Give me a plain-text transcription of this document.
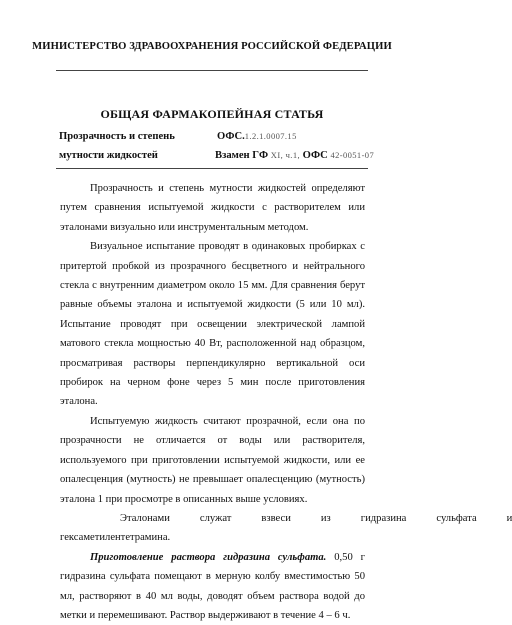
МИНИСТЕРСТВО ЗДРАВООХРАНЕНИЯ РОССИЙСКОЙ ФЕДЕРАЦИИ
ОБЩАЯ ФАРМАКОПЕЙНАЯ СТАТЬЯ
Прозрачность и степень	ОФС.1.2.1.0007.15
мутности жидкостей	Взамен ГФ XI, ч.1, ОФС 42-0051-07

Прозрачность и степень мутности жидкостей определяют путем сравнения испытуемой жидкости с растворителем или эталонами визуально или инструментальным методом.

Визуальное испытание проводят в одинаковых пробирках с притертой пробкой из прозрачного бесцветного и нейтрального стекла с внутренним диаметром около 15 мм. Для сравнения берут равные объемы эталона и испытуемой жидкости (5 или 10 мл). Испытание проводят при освещении электрической лампой матового стекла мощностью 40 Вт, расположенной над образцом, просматривая растворы перпендикулярно вертикальной оси пробирок на черном фоне через 5 мин после приготовления эталона.

Испытуемую жидкость считают прозрачной, если она по прозрачности не отличается от воды или растворителя, используемого при приготовлении испытуемой жидкости, или ее опалесценция (мутность) не превышает опалесценцию (мутность) эталона 1 при просмотре в описанных выше условиях.

Эталонами	служат	взвеси	из	гидразина	сульфата	и

гексаметилентетрамина.

Приготовление раствора гидразина сульфата. 0,50 г гидразина сульфата помещают в мерную колбу вместимостью 50 мл, растворяют в 40 мл воды, доводят объем раствора водой до метки и перемешивают. Раствор выдерживают в течение 4 – 6 ч.
